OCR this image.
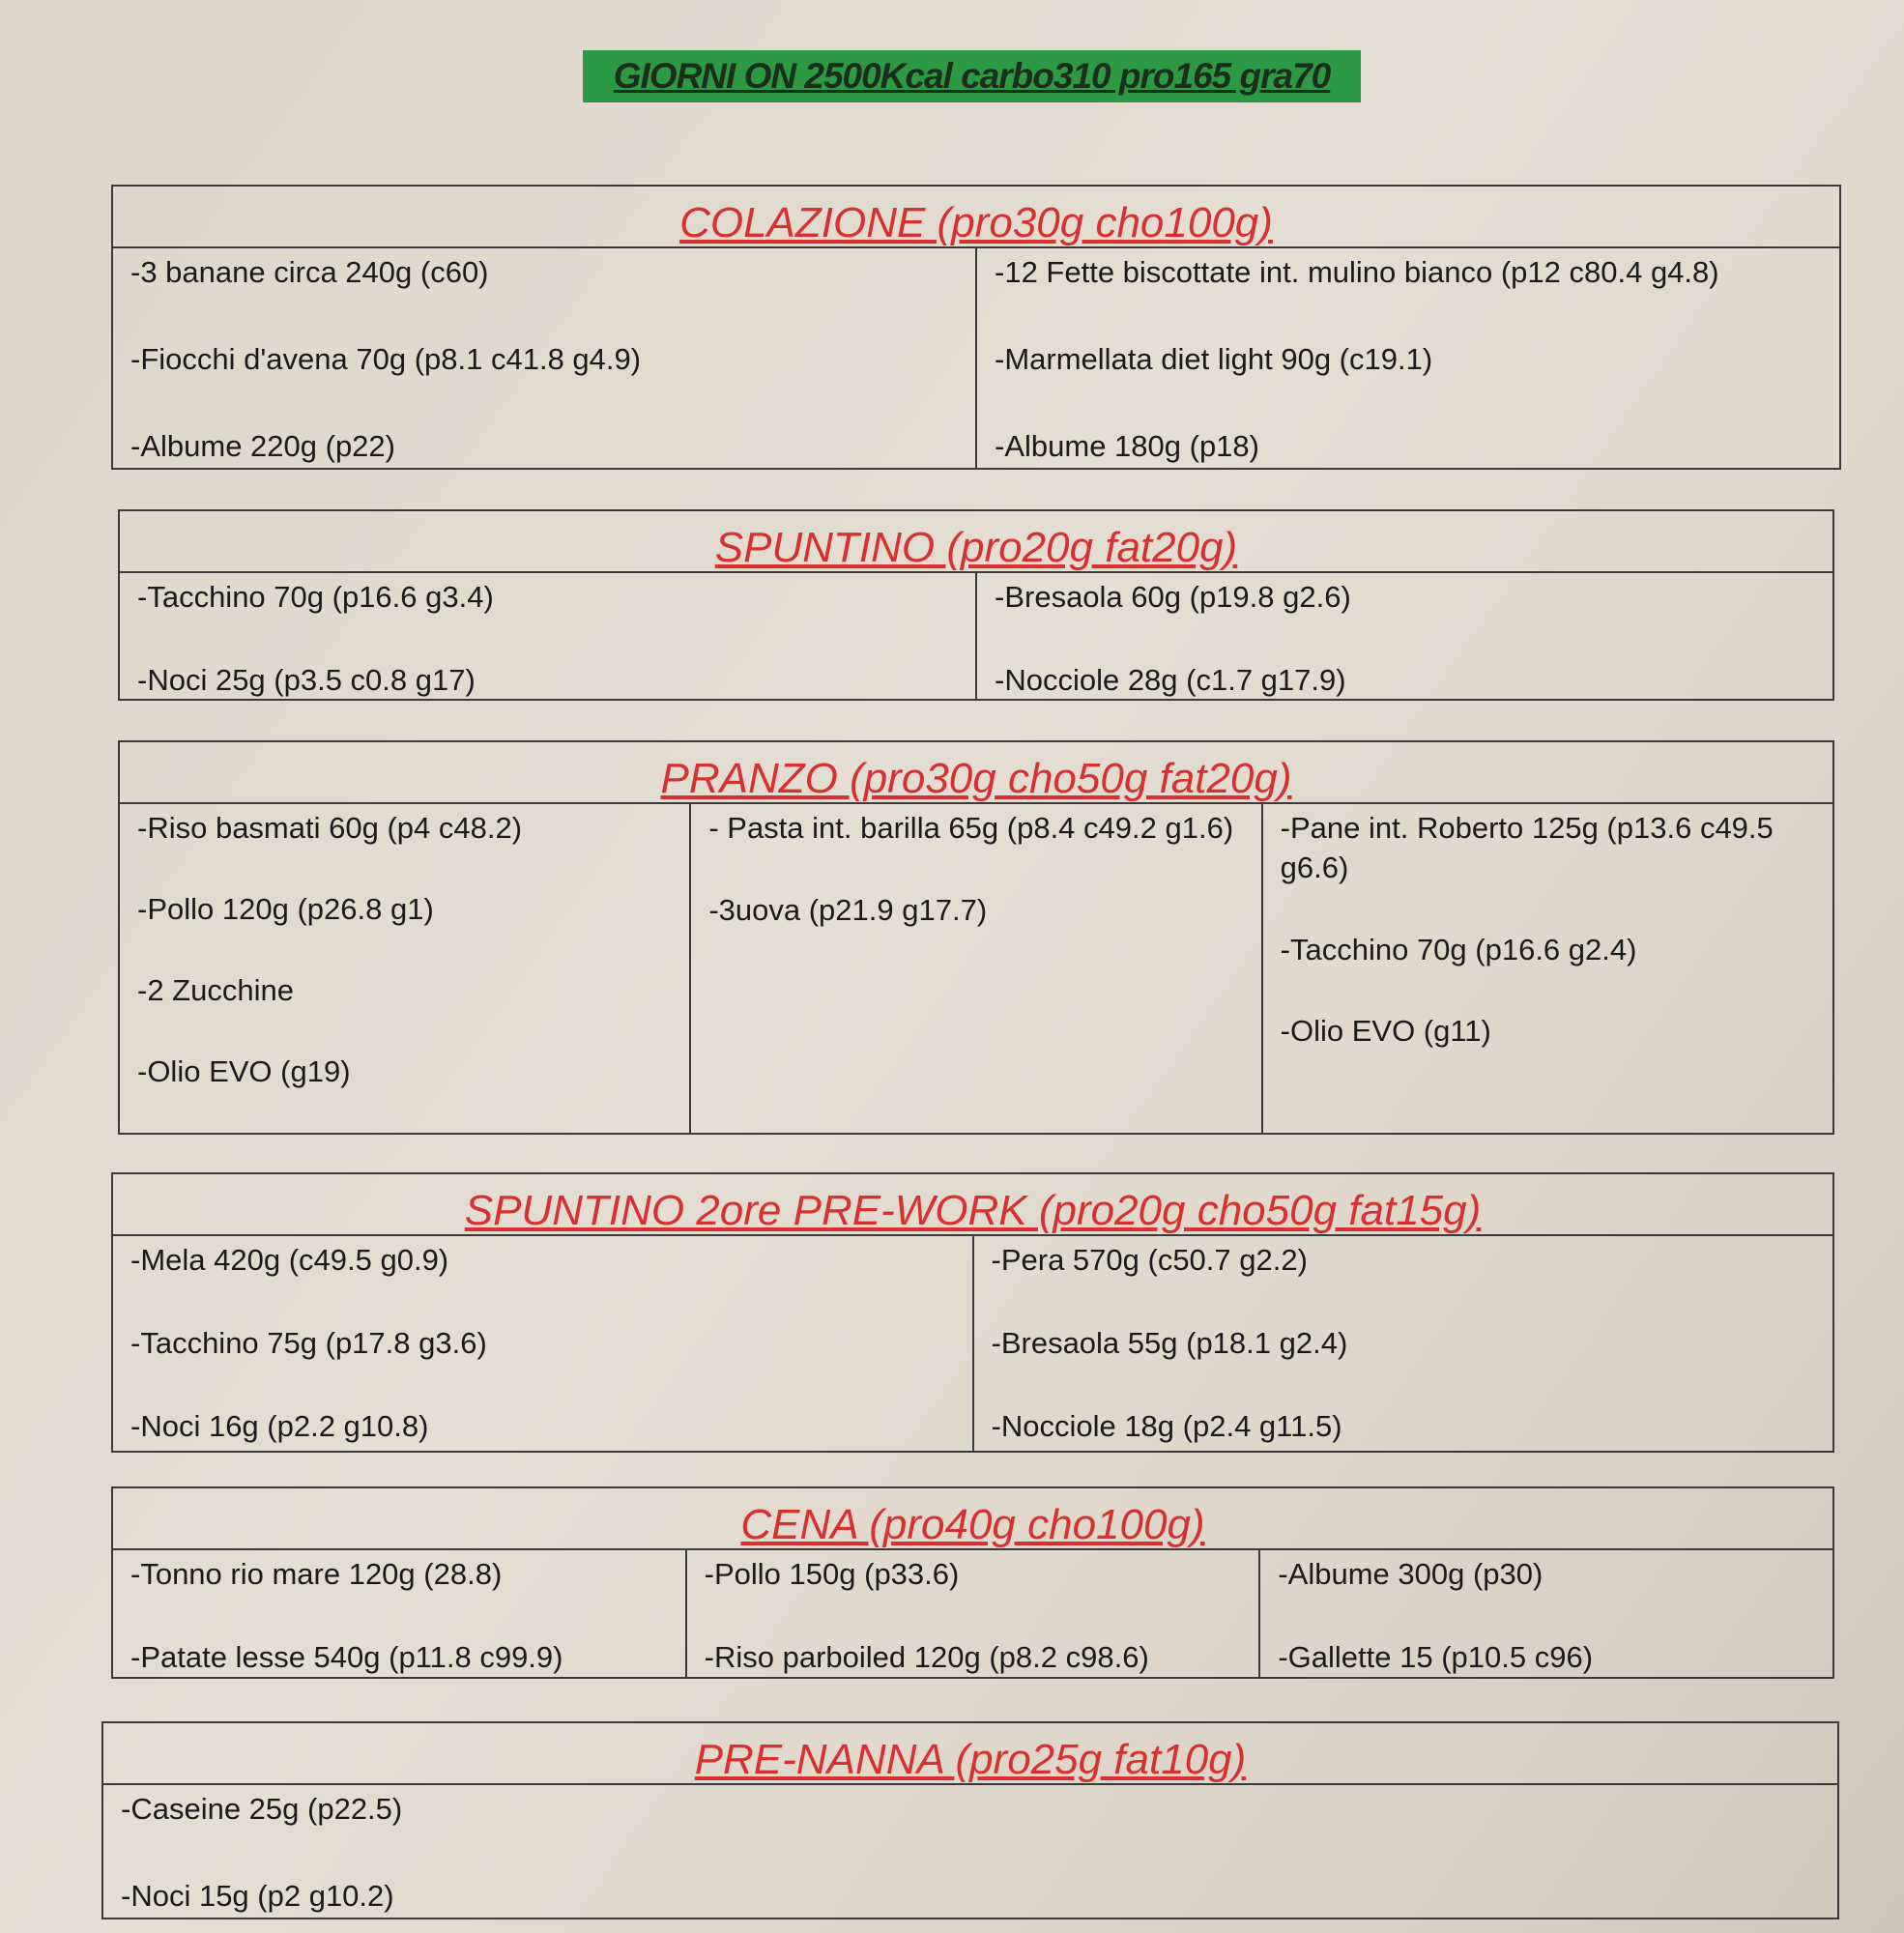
GIORNI ON 2500Kcal carbo310 pro165 gra70
COLAZIONE (pro30g cho100g)
-3 banane circa 240g (c60)
-Fiocchi d'avena 70g (p8.1 c41.8 g4.9)
-Albume 220g (p22)
-12 Fette biscottate int. mulino bianco (p12 c80.4 g4.8)
-Marmellata diet light 90g (c19.1)
-Albume 180g (p18)
SPUNTINO (pro20g fat20g)
-Tacchino 70g (p16.6 g3.4)
-Noci 25g (p3.5 c0.8 g17)
-Bresaola 60g (p19.8 g2.6)
-Nocciole 28g (c1.7 g17.9)
PRANZO (pro30g cho50g fat20g)
-Riso basmati 60g (p4 c48.2)
-Pollo 120g (p26.8 g1)
-2 Zucchine
-Olio EVO (g19)
- Pasta int. barilla 65g (p8.4 c49.2 g1.6)
-3uova (p21.9 g17.7)
-Pane int. Roberto 125g (p13.6 c49.5 g6.6)
-Tacchino 70g (p16.6 g2.4)
-Olio EVO (g11)
SPUNTINO 2ore PRE-WORK (pro20g cho50g fat15g)
-Mela 420g (c49.5 g0.9)
-Tacchino 75g (p17.8 g3.6)
-Noci 16g (p2.2 g10.8)
-Pera 570g (c50.7 g2.2)
-Bresaola 55g (p18.1 g2.4)
-Nocciole 18g (p2.4 g11.5)
CENA (pro40g cho100g)
-Tonno rio mare 120g (28.8)
-Patate lesse 540g (p11.8 c99.9)
-Pollo 150g (p33.6)
-Riso parboiled 120g (p8.2 c98.6)
-Albume 300g (p30)
-Gallette 15 (p10.5 c96)
PRE-NANNA (pro25g fat10g)
-Caseine 25g (p22.5)
-Noci 15g (p2 g10.2)
